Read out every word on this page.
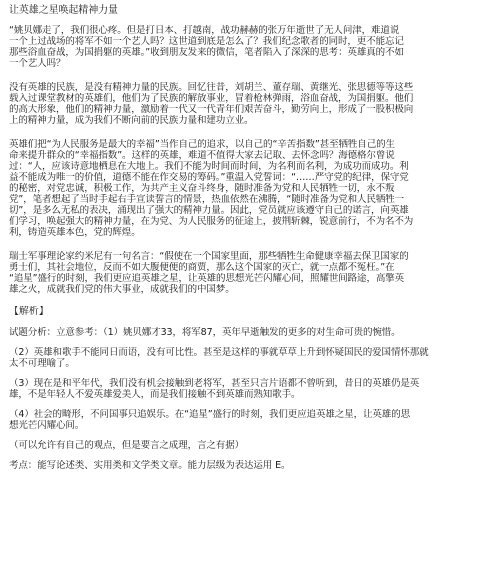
让英雄之星唤起精神力量
“姚贝娜走了，我们很心疼。但是打日本、打越南，战功赫赫的张万年逝世了无人问津，难道说
一个上过战场的将军不如一个艺人吗？这世道到底是怎么了？我们纪念歌者的同时，更不能忘记
那些浴血奋战，为国捐躯的英雄。”收到朋友发来的微信，笔者陷入了深深的思考：英雄真的不如
一个艺人吗？
没有英雄的民族，是没有精神力量的民族。回忆往昔，刘胡兰、董存瑞、黄继光、张思德等等这些
载入过课堂教材的英雄们，他们为了民族的解放事业，冒着枪林弹雨，浴血奋战，为国捐躯。他们
的高大形象，他们的精神力量，激励着一代又一代青年们艰苦奋斗，勤劳向上，形成了一股积极向
上的精神力量，成为我们不断向前的民族力量和建功立业。
英雄们把“为人民服务是最大的幸福”当作自己的追求，以自己的“辛苦指数”甚至牺牲自己的生
命来提升群众的“幸福指数”。这样的英雄，难道不值得大家去记取、去怀念吗？海德格尔曾说
过：“人，应该诗意地栖息在大地上。我们不能为时间而时间，为名利而名利，为成功而成功。利
益不能成为唯一的价值，道德不能在作交易的筹码。”重温入党誓词：“……严守党的纪律，保守党
的秘密，对党忠诚，积极工作，为共产主义奋斗终身，随时准备为党和人民牺牲一切，永不叛
党”，笔者想起了当时手起右手宣读誓言的情景，热血依然在沸腾，“随时准备为党和人民牺牲一
切”，是多么无私的表决，涌现出了强大的精神力量。因此，党员就应该遵守自己的诺言，向英雄
们学习，唤起强大的精神力量，在为党、为人民服务的征途上，披荆斩棘，锐意前行，不为名不为
利，铸造英雄本色，党的辉煌。
瑞士军事理论家约米尼有一句名言：“假使在一个国家里面，那些牺牲生命健康幸福去保卫国家的
勇士们，其社会地位，反而不如大腹便便的商贾，那么这个国家的灭亡，就一点都不冤枉。”在
“追星”盛行的时刻，我们更应追英雄之星，让英雄的思想光芒闪耀心间，照耀世间路途，高擎英
雄之火，成就我们党的伟大事业，成就我们的中国梦。
【解析】
试题分析：立意参考：（1）姚贝娜才33，将军87，英年早逝触发的更多的对生命可贵的惋惜。
（2）英雄和歌手不能同日而语，没有可比性。甚至是这样的事就草草上升到怀疑国民的爱国情怀那就
太不可理喻了。
（3）现在是和平年代，我们没有机会接触到老将军，甚至只言片语都不曾听到，昔日的英雄仍是英
雄，不是年轻人不爱英雄爱美人，而是我们接触不到英雄而熟知歌手。
（4）社会的畸形，不问国事只追娱乐。在“追星”盛行的时刻，我们更应追英雄之星，让英雄的思
想光芒闪耀心间。
（可以允许有自己的观点，但是要言之成理，言之有据）
考点：能写论述类、实用类和文学类文章。能力层级为表达运用 E。
